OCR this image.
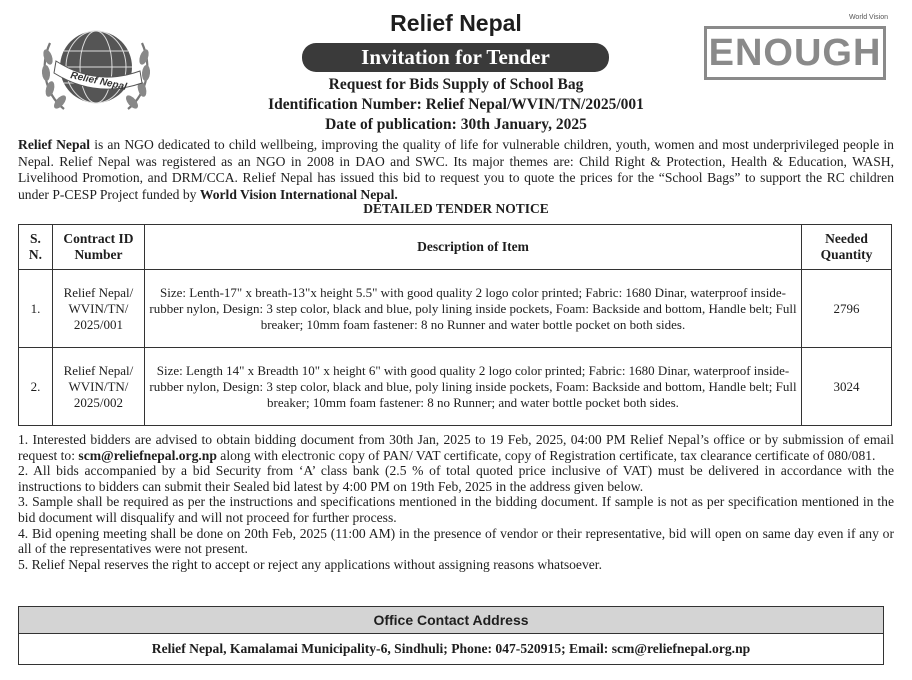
Relief Nepal
World Vision
ENOUGH
Relief Nepal
Invitation for Tender
Request for Bids Supply of School Bag
Identification Number: Relief Nepal/WVIN/TN/2025/001
Date of publication: 30th January, 2025
Relief Nepal is an NGO dedicated to child wellbeing, improving the quality of life for vulnerable children, youth, women and most underprivileged people in Nepal. Relief Nepal was registered as an NGO in 2008 in DAO and SWC. Its major themes are: Child Right & Protection, Health & Education, WASH, Livelihood Promotion, and DRM/CCA. Relief Nepal has issued this bid to request you to quote the prices for the “School Bags” to support the RC children under P-CESP Project funded by World Vision International Nepal.
DETAILED TENDER NOTICE
S. N.	Contract ID Number	Description of Item	Needed Quantity
1.	Relief Nepal/ WVIN/TN/ 2025/001	Size: Lenth-17" x breath-13"x height 5.5" with good quality 2 logo color printed; Fabric: 1680 Dinar, waterproof inside-rubber nylon, Design: 3 step color, black and blue, poly lining inside pockets, Foam: Backside and bottom, Handle belt; Full breaker; 10mm foam fastener: 8 no Runner and water bottle pocket on both sides.	2796
2.	Relief Nepal/ WVIN/TN/ 2025/002	Size: Length 14" x Breadth 10" x height 6" with good quality 2 logo color printed; Fabric: 1680 Dinar, waterproof inside-rubber nylon, Design: 3 step color, black and blue, poly lining inside pockets, Foam: Backside and bottom, Handle belt; Full breaker; 10mm foam fastener: 8 no Runner; and water bottle pocket both sides.	3024

1. Interested bidders are advised to obtain bidding document from 30th Jan, 2025 to 19 Feb, 2025, 04:00 PM Relief Nepal’s office or by submission of email request to: scm@reliefnepal.org.np along with electronic copy of PAN/ VAT certificate, copy of Registration certificate, tax clearance certificate of 080/081.

2. All bids accompanied by a bid Security from ‘A’ class bank (2.5 % of total quoted price inclusive of VAT) must be delivered in accordance with the instructions to bidders can submit their Sealed bid latest by 4:00 PM on 19th Feb, 2025 in the address given below.

3. Sample shall be required as per the instructions and specifications mentioned in the bidding document. If sample is not as per specification mentioned in the bid document will disqualify and will not proceed for further process.

4. Bid opening meeting shall be done on 20th Feb, 2025 (11:00 AM) in the presence of vendor or their representative, bid will open on same day even if any or all of the representatives were not present.

5. Relief Nepal reserves the right to accept or reject any applications without assigning reasons whatsoever.

Office Contact Address
Relief Nepal, Kamalamai Municipality-6, Sindhuli; Phone: 047-520915; Email: scm@reliefnepal.org.np
